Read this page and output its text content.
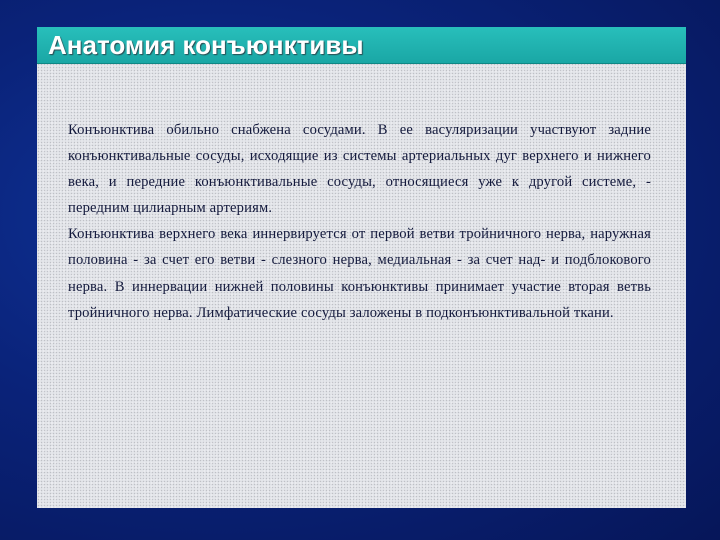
Анатомия конъюнктивы

Конъюнктива обильно снабжена сосудами. В ее васуляризации участвуют задние конъюнктивальные сосуды, исходящие из системы артериальных дуг верхнего и нижнего века, и передние конъюнктивальные сосуды, относящиеся уже к другой системе, - передним цилиарным артериям.

Конъюнктива верхнего века иннервируется от первой ветви тройничного нерва, наружная половина - за счет его ветви - слезного нерва, медиальная - за счет над- и подблокового нерва. В иннервации нижней половины конъюнктивы принимает участие вторая ветвь тройничного нерва. Лимфатические сосуды заложены в подконъюнктивальной ткани.
